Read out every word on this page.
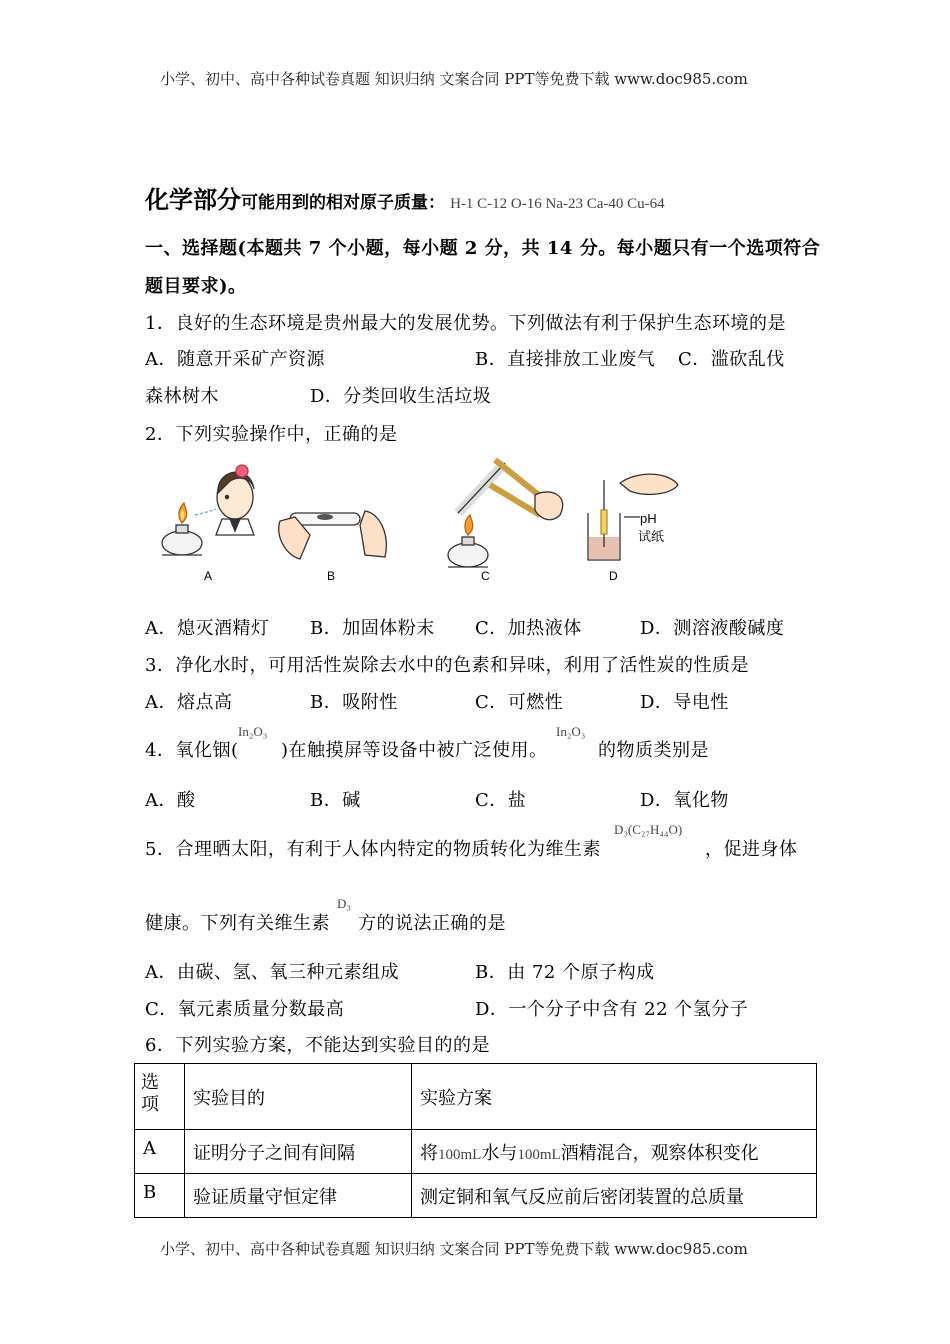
小学、初中、高中各种试卷真题 知识归纳 文案合同 PPT等免费下载 www.doc985.com
化学部分可能用到的相对原子质量： H-1 C-12 O-16 Na-23 Ca-40 Cu-64
一、选择题(本题共 7 个小题，每小题 2 分，共 14 分。每小题只有一个选项符合
题目要求)。
1．良好的生态环境是贵州最大的发展优势。下列做法有利于保护生态环境的是
A．随意开采矿产资源	B．直接排放工业废气 C．滥砍乱伐
森林树木	D．分类回收生活垃圾
2．下列实验操作中，正确的是
pH
试纸
A	B	C	D
A．熄灭酒精灯 B．加固体粉末 C．加热液体	D．测溶液酸碱度
3．净化水时，可用活性炭除去水中的色素和异味，利用了活性炭的性质是
A．熔点高	B．吸附性	C．可燃性	D．导电性
4．氧化铟(
In₂O₃
)在触摸屏等设备中被广泛使用。
In₂O₃
的物质类别是
A．酸	B．碱	C．盐	D．氧化物
5．合理晒太阳，有利于人体内特定的物质转化为维生素
D₃(C₂₇H₄₄O)
，促进身体
健康。下列有关维生素
D₃
方的说法正确的是
A．由碳、氢、氧三种元素组成	B．由 72 个原子构成
C．氧元素质量分数最高	D．一个分子中含有 22 个氢分子
6．下列实验方案，不能达到实验目的的是
选
项	实验目的	实验方案
A	证明分子之间有间隔	将100mL水与100mL酒精混合，观察体积变化
B	验证质量守恒定律	测定铜和氧气反应前后密闭装置的总质量
小学、初中、高中各种试卷真题 知识归纳 文案合同 PPT等免费下载 www.doc985.com
